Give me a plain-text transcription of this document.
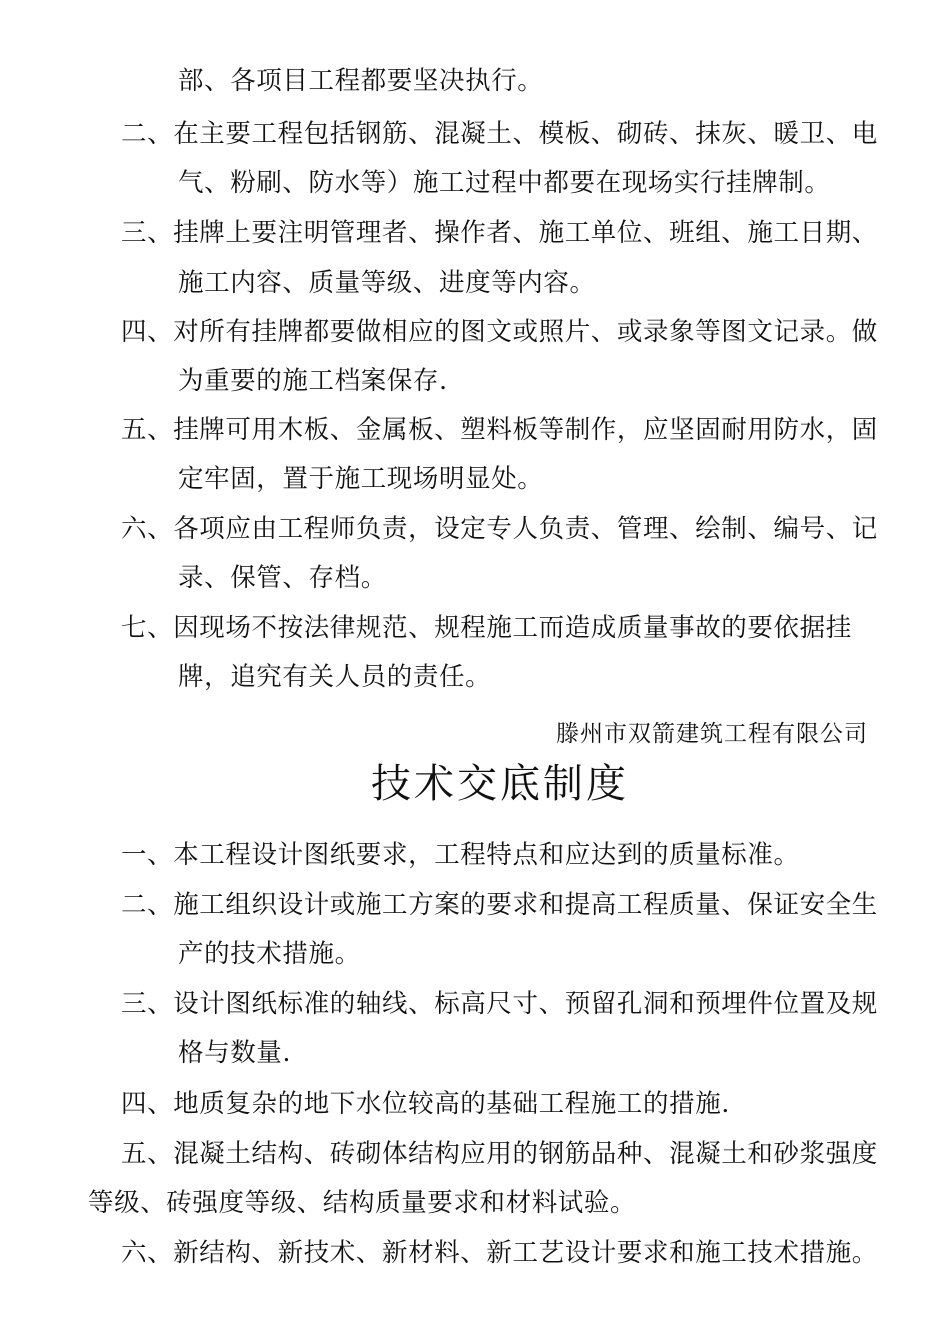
部、各项目工程都要坚决执行。
二、在主要工程包括钢筋、混凝土、模板、砌砖、抹灰、暖卫、电
气、粉刷、防水等）施工过程中都要在现场实行挂牌制。
三、挂牌上要注明管理者、操作者、施工单位、班组、施工日期、
施工内容、质量等级、进度等内容。
四、对所有挂牌都要做相应的图文或照片、或录象等图文记录。做
为重要的施工档案保存.
五、挂牌可用木板、金属板、塑料板等制作，应坚固耐用防水，固
定牢固，置于施工现场明显处。
六、各项应由工程师负责，设定专人负责、管理、绘制、编号、记
录、保管、存档。
七、因现场不按法律规范、规程施工而造成质量事故的要依据挂
牌，追究有关人员的责任。
滕州市双箭建筑工程有限公司
技术交底制度
一、本工程设计图纸要求，工程特点和应达到的质量标准。
二、施工组织设计或施工方案的要求和提高工程质量、保证安全生
产的技术措施。
三、设计图纸标准的轴线、标高尺寸、预留孔洞和预埋件位置及规
格与数量.
四、地质复杂的地下水位较高的基础工程施工的措施.
五、混凝土结构、砖砌体结构应用的钢筋品种、混凝土和砂浆强度
等级、砖强度等级、结构质量要求和材料试验。
六、新结构、新技术、新材料、新工艺设计要求和施工技术措施。
